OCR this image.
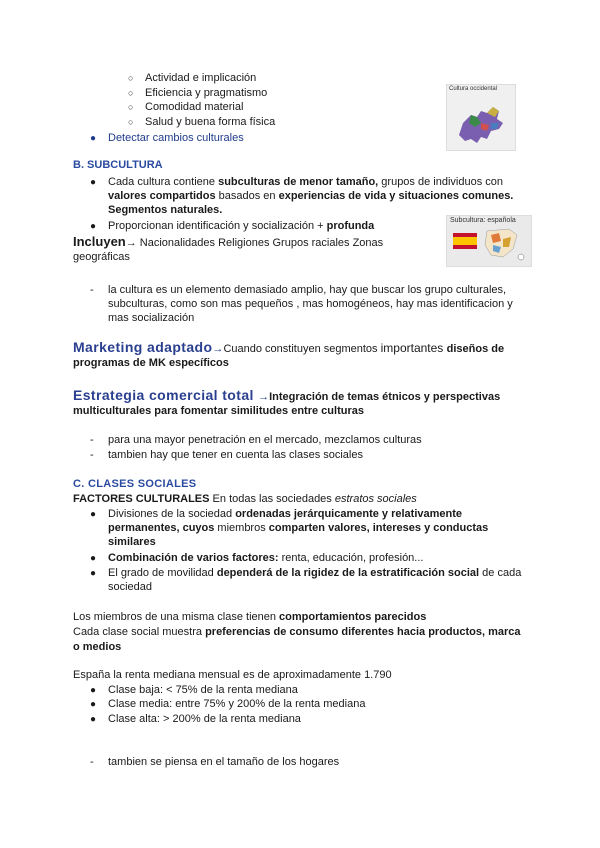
○ Actividad e implicación
○ Eficiencia y pragmatismo
○ Comodidad material
○ Salud y buena forma física
● Detectar cambios culturales
Cultura occidental
B. SUBCULTURA
● Cada cultura contiene subculturas de menor tamaño, grupos de individuos con
valores compartidos basados en experiencias de vida y situaciones comunes.
Segmentos naturales.
● Proporcionan identificación y socialización + profunda
Incluyen→ Nacionalidades Religiones Grupos raciales Zonas
geográficas
Subcultura: española
- la cultura es un elemento demasiado amplio, hay que buscar los grupo culturales,
subculturas, como son mas pequeños , mas homogéneos, hay mas identificacion y
mas socialización
Marketing adaptado→Cuando constituyen segmentos importantes diseños de
programas de MK específicos
Estrategia comercial total →Integración de temas étnicos y perspectivas
multiculturales para fomentar similitudes entre culturas
- para una mayor penetración en el mercado, mezclamos culturas
- tambien hay que tener en cuenta las clases sociales
C. CLASES SOCIALES
FACTORES CULTURALES En todas las sociedades estratos sociales
● Divisiones de la sociedad ordenadas jerárquicamente y relativamente
permanentes, cuyos miembros comparten valores, intereses y conductas
similares
● Combinación de varios factores: renta, educación, profesión...
● El grado de movilidad dependerá de la rigidez de la estratificación social de cada
sociedad
Los miembros de una misma clase tienen comportamientos parecidos
Cada clase social muestra preferencias de consumo diferentes hacia productos, marca
o medios
España la renta mediana mensual es de aproximadamente 1.790
● Clase baja: < 75% de la renta mediana
● Clase media: entre 75% y 200% de la renta mediana
● Clase alta: > 200% de la renta mediana
- tambien se piensa en el tamaño de los hogares
